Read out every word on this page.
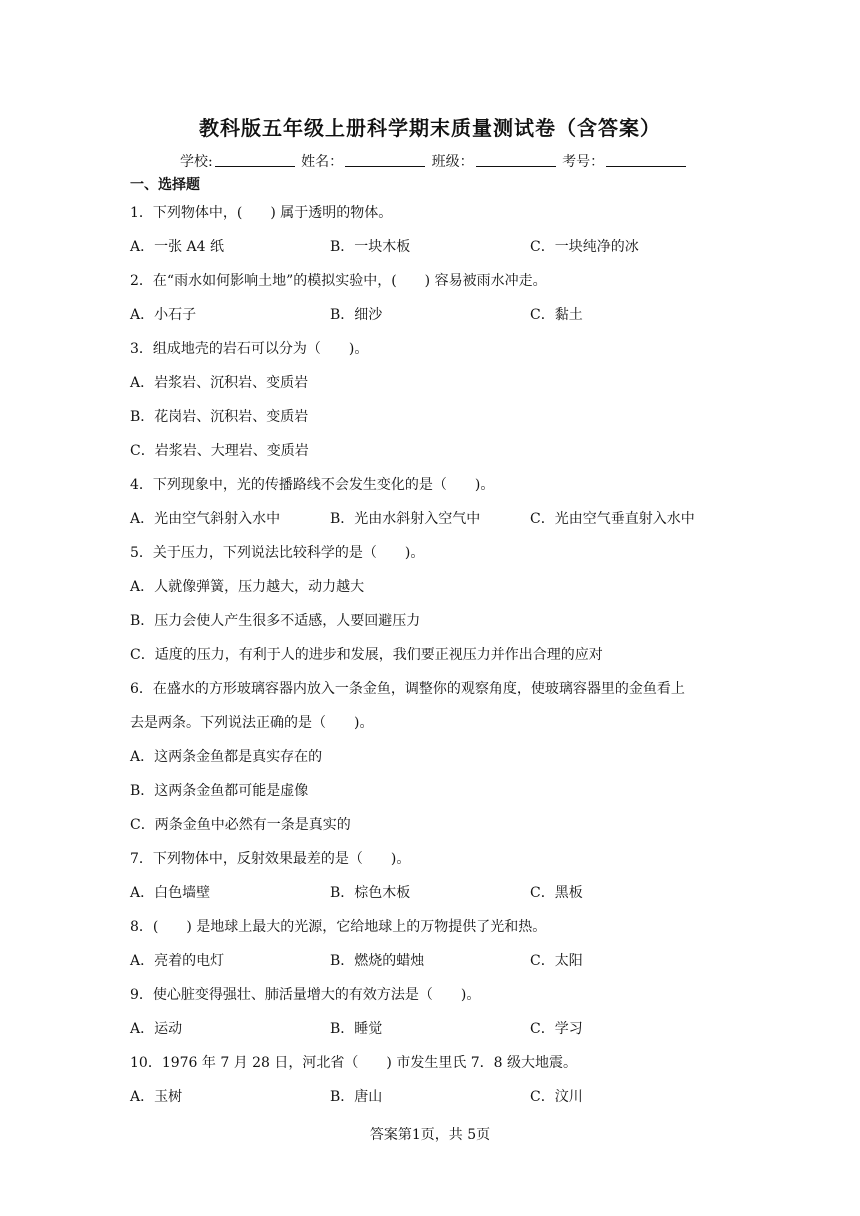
教科版五年级上册科学期末质量测试卷（含答案）
学校:	姓名：	班级：	考号：
一、选择题
1．下列物体中，(　　) 属于透明的物体。
A．一张 A4 纸	B．一块木板	C．一块纯净的冰
2．在“雨水如何影响土地”的模拟实验中，(　　) 容易被雨水冲走。
A．小石子	B．细沙	C．黏土
3．组成地壳的岩石可以分为（　　)。
A．岩浆岩、沉积岩、变质岩
B．花岗岩、沉积岩、变质岩
C．岩浆岩、大理岩、变质岩
4．下列现象中，光的传播路线不会发生变化的是（　　)。
A．光由空气斜射入水中	B．光由水斜射入空气中	C．光由空气垂直射入水中
5．关于压力，下列说法比较科学的是（　　)。
A．人就像弹簧，压力越大，动力越大
B．压力会使人产生很多不适感，人要回避压力
C．适度的压力，有利于人的进步和发展，我们要正视压力并作出合理的应对
6．在盛水的方形玻璃容器内放入一条金鱼，调整你的观察角度，使玻璃容器里的金鱼看上
去是两条。下列说法正确的是（　　)。
A．这两条金鱼都是真实存在的
B．这两条金鱼都可能是虚像
C．两条金鱼中必然有一条是真实的
7．下列物体中，反射效果最差的是（　　)。
A．白色墙壁	B．棕色木板	C．黑板
8．(　　) 是地球上最大的光源，它给地球上的万物提供了光和热。
A．亮着的电灯	B．燃烧的蜡烛	C．太阳
9．使心脏变得强壮、肺活量增大的有效方法是（　　)。
A．运动	B．睡觉	C．学习
10．1976 年 7 月 28 日，河北省（　　) 市发生里氏 7．8 级大地震。
A．玉树	B．唐山	C．汶川
答案第1页，共 5页
